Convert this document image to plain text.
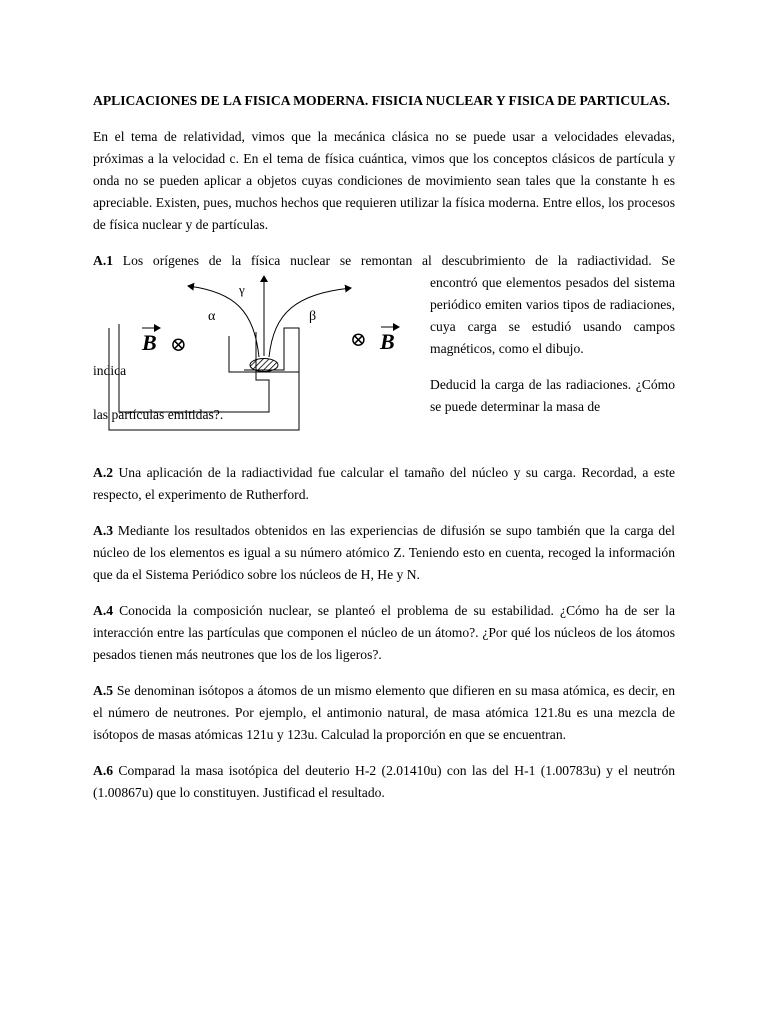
APLICACIONES DE LA FISICA MODERNA. FISICIA NUCLEAR Y FISICA DE PARTICULAS.

En el tema de relatividad, vimos que la mecánica clásica no se puede usar a velocidades elevadas, próximas a la velocidad c. En el tema de física cuántica, vimos que los conceptos clásicos de partícula y onda no se pueden aplicar a objetos cuyas condiciones de movimiento sean tales que la constante h es apreciable. Existen, pues, muchos hechos que requieren utilizar la física moderna. Entre ellos, los procesos de física nuclear y de partículas.

A.1 Los orígenes de la física nuclear se remontan al descubrimiento de la radiactividad. Se

γ
α	β
B ⊗	⊗ B

encontró que elementos pesados del sistema periódico emiten varios tipos de radiaciones, cuya carga se estudió usando campos magnéticos, como el dibujo.

Deducid la carga de las radiaciones. ¿Cómo se puede determinar la masa de

indica

las partículas emitidas?.

A.2 Una aplicación de la radiactividad fue calcular el tamaño del núcleo y su carga. Recordad, a este respecto, el experimento de Rutherford.

A.3 Mediante los resultados obtenidos en las experiencias de difusión se supo también que la carga del núcleo de los elementos es igual a su número atómico Z. Teniendo esto en cuenta, recoged la información que da el Sistema Periódico sobre los núcleos de H, He y N.

A.4 Conocida la composición nuclear, se planteó el problema de su estabilidad. ¿Cómo ha de ser la interacción entre las partículas que componen el núcleo de un átomo?. ¿Por qué los núcleos de los átomos pesados tienen más neutrones que los de los ligeros?.

A.5 Se denominan isótopos a átomos de un mismo elemento que difieren en su masa atómica, es decir, en el número de neutrones. Por ejemplo, el antimonio natural, de masa atómica 121.8u es una mezcla de isótopos de masas atómicas 121u y 123u. Calculad la proporción en que se encuentran.

A.6 Comparad la masa isotópica del deuterio H-2 (2.01410u) con las del H-1 (1.00783u) y el neutrón (1.00867u) que lo constituyen. Justificad el resultado.
